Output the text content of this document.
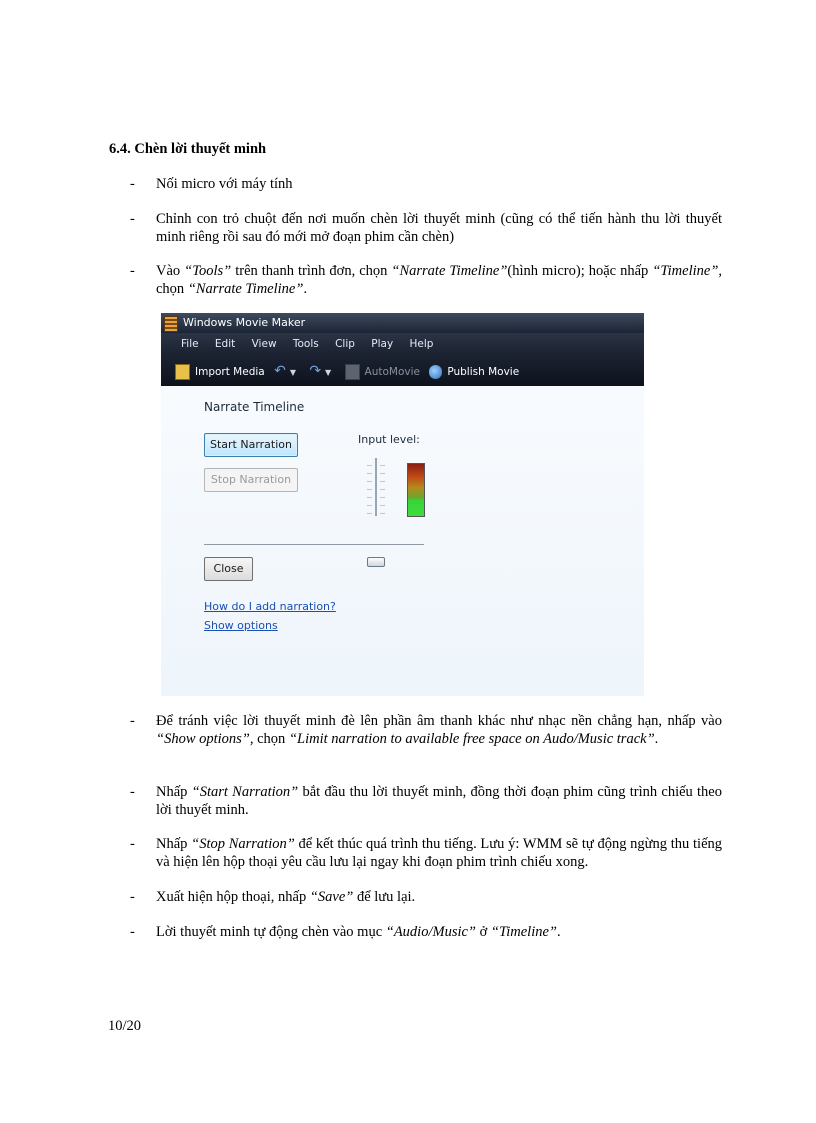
6.4. Chèn lời thuyết minh
- Nối micro với máy tính
- Chỉnh con trỏ chuột đến nơi muốn chèn lời thuyết minh (cũng có thể tiến hành thu lời thuyết minh riêng rồi sau đó mới mở đoạn phim cần chèn)
- Vào “Tools” trên thanh trình đơn, chọn “Narrate Timeline”(hình micro); hoặc nhấp “Timeline”, chọn “Narrate Timeline”.
Windows Movie Maker
File Edit View Tools Clip Play Help
Import Media ↶ ▼ ↷ ▼	AutoMovie	Publish Movie
Narrate Timeline
Start Narration
Stop Narration
Input level:
Close
How do I add narration?
Show options
- Để tránh việc lời thuyết minh đè lên phần âm thanh khác như nhạc nền chẳng hạn, nhấp vào “Show options”, chọn “Limit narration to available free space on Audo/Music track”.
- Nhấp “Start Narration” bắt đầu thu lời thuyết minh, đồng thời đoạn phim cũng trình chiếu theo lời thuyết minh.
- Nhấp “Stop Narration” để kết thúc quá trình thu tiếng. Lưu ý: WMM sẽ tự động ngừng thu tiếng và hiện lên hộp thoại yêu cầu lưu lại ngay khi đoạn phim trình chiếu xong.
- Xuất hiện hộp thoại, nhấp “Save” để lưu lại.
- Lời thuyết minh tự động chèn vào mục “Audio/Music” ở “Timeline”.
10/20
